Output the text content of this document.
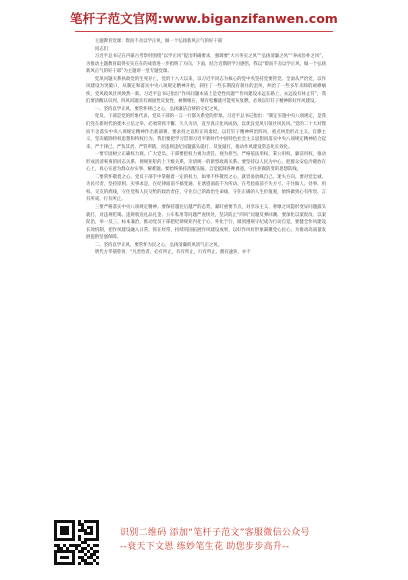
笔杆子范文官网:www.biganzifanwen.com

主题教育党课：锲而不舍以学正风，做一个弘扬新风正气的好干部

同志们：

习近平总书记在内蒙古考察时围绕“以学正风”提出明确要求，强调要“大兴务实之风”“弘扬清廉之风”“养成俭朴之风”，为推动主题教育取得实实在在的成效进一步指明了方向。下面，结合近期的学习感悟，我以“锲而不舍以学正风，做一个弘扬新风正气的好干部”为主题讲一堂专题党课。

党风问题关系执政党的生死存亡，党的十八大以来，以习近平同志为核心的党中央坚持党要管党、全面从严治党，以作风建设为突破口，从制定和落实中央八项规定精神开始，刹住了一些长期没有刹住的歪风，纠治了一些多年未除的顽瘴痼疾，党风政风社风焕然一新。习近平总书记指出“作风问题本质上是党性问题”“作风建设永远在路上，永远没有休止符”，我们要清醒认识到，四风问题具有顽固性反复性，树倒根在，稍有松懈就可能死灰复燃，必须以钉钉子精神抓好作风建设。

一、坚持以学正风，要常怀律己之心，弘扬廉洁自律的守纪之风。

党员、干部是党的形象代表，党员干部的一言一行都关系党的形象。习近平总书记指出：“制定实施中央八项规定，是我们党在新时代的徙木立信之举，必须常抓不懈、久久为功，直至真正化风成俗，以优良党风引领社风民风。”党的二十大对锲而不舍落实中央八项规定精神作出新部署，要求持之以恒正风肃纪，以钉钉子精神纠治四风，重点纠治形式主义、官僚主义，坚决破除特权思想和特权行为。我们要把学习贯彻习近平新时代中国特色社会主义思想同落实中央八项规定精神结合起来，严于律己、严负其责、严管所辖，对违规违纪问题露头就打、反复敲打，推动作风建设常态化长效化。

一要牢固树立正确权力观。广大党员、干部要把权力视为责任、视为担当，严格依法用权、秉公用权、廉洁用权，推动形成清清爽爽的同志关系、规规矩矩的上下级关系、亲清统一的新型政商关系。要坚持以人民为中心，把群众安危冷暖放在心上，真心实意为群众办实事、解难题。要始终保持清醒头脑，自觉抵制各种诱惑，守住拒腐防变的思想防线。

二要常怀敬畏之心。党员干部手中掌握着一定的权力，如果不怀敬畏之心，就容易放纵自己、迷失方向。要对党忠诚、为民尽责，坚持原则、实事求是，在纪律面前不搞变通、在诱惑面前不为所动、在考验面前不失方寸。守住做人、处事、用权、交友的底线，守住党和人民交给的政治责任，守住自己的政治生命线，守住正确的人生价值观，始终做到心有所畏、言有所戒、行有所止。

三要严格落实中央八项规定精神。要保持越往后越严的态势，紧盯重要节点，对享乐主义、奢靡之风隐形变异问题露头就打，对违规吃喝、违规收送礼品礼金、公车私用等问题严查快处，坚决防止“四风”问题反弹回潮。要深化以案促改、以案促治，举一反三、标本兼治，推动党员干部把纪律规矩内化于心、外化于行，做到遵规守纪成为行动自觉。要健全作风建设长效机制，把作风建设融入日常、抓在经常，持续巩固拓展作风建设成果，以好作风好形象凝聚党心民心，为推动高质量发展提供坚强保障。

二、坚持以学正风，要常怀为民之心，弘扬清廉的风清气正之风。

明代方孝孺曾说：“凡善怡者，必有所止，有有所止，行有所止，偶有逾矩，亦不

识别二维码 添加“笔杆子范文”客服微信公众号
--衰天下文恩 练妙笔生花 助您步步高升--
